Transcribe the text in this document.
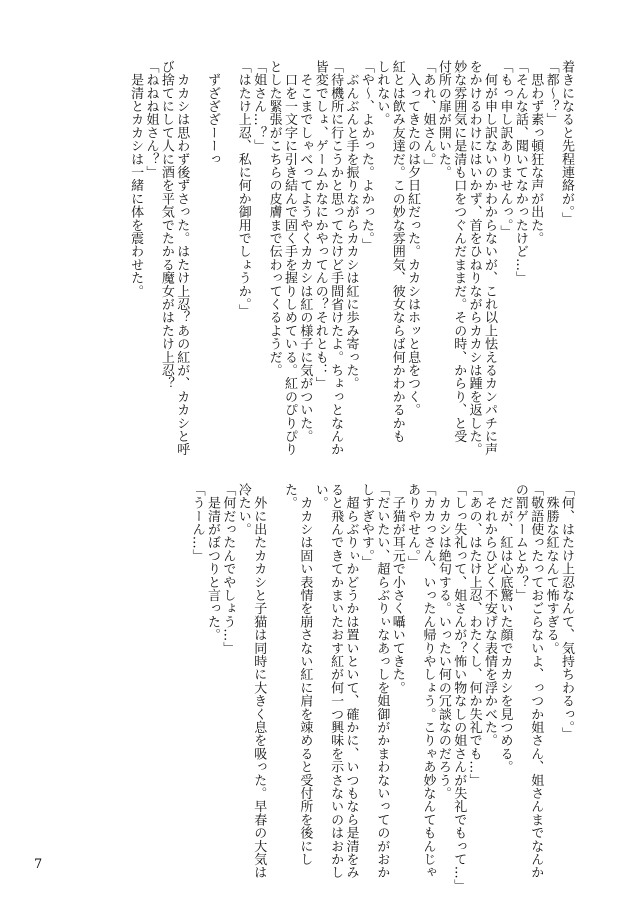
着きになると先程連絡が。」
「都～？」
　思わず素っ頓狂な声が出た。
「そんな話、聞いてなかったけど…」
「もっ申し訳ありませんっ。」
　何が申し訳ないのかわからないが、これ以上怯えるカンパチに声
をかけるわけにはいかず、首をひねりながらカカシは踵を返した。
妙な雰囲気に是清も口をつぐんだままだ。その時、からり、と受
付所の扉が開いた。
「あれ、姐さん。」
　入ってきたのは夕日紅だった。カカシはホッと息をつく。
紅とは飲み友達だ。この妙な雰囲気、彼女ならば何かわかるかも
しれない。
「や～、よかった。よかった。」
　ぶんぶんと手を振りながらカカシは紅に歩み寄った。
「待機所に行こうかと思ってたけど手間省けたよ。ちょっとなんか
皆変でしょ、ゲームかなにかやってんの？それとも：」
　そこまでしゃべってようやくカカシは紅の様子に気がついた。
　口を一文字に引き結んで固く手を握りしめている。紅のぴりぴり
とした緊張がこちらの皮膚まで伝わってくるようだ。
「姐さん…？」
「はたけ上忍、私に何か御用でしょうか。」
　ずざざざーーっ
　カカシは思わず後ずさった。はたけ上忍？あの紅が、カカシと呼
び捨てにして人に酒を平気でたかる魔女がはたけ上忍？
「ねねね姐さん？」
　是清とカカシは一緒に体を震わせた。
「何、はたけ上忍なんて、気持ちわるっ。」
　殊勝な紅なんて怖すぎる。
「敬語使ったっておごらないよ、っつか姐さん、姐さんまでなんか
の罰ゲームとか？」
　だが、紅は心底驚いた顔でカカシを見つめる。
　それからひどく不安げな表情を浮かべた。
「あの、はたけ上忍、わたくし、何か失礼でも…」
「しっ失礼って、姐さんが？怖い物なしの姐さんが失礼でもって…」
　カカシは絶句する。いったい何の冗談なのだろう。
「カカっさん、いったん帰りやしょう。こりゃあ妙なんてもんじゃ
ありやせん。」
　子猫が耳元で小さく囁いてきた。
「だいたい、超らぶりぃなあっしを姐御がかまわないってのがおか
しすぎやす。」
　超らぶりぃかどうかは置いといて、確かに、いつもなら是清をみ
ると飛んできてかまいたおす紅が何一つ興味を示さないのはおかし
い。
　カカシは固い表情を崩さない紅に肩を竦めると受付所を後にし
た。
　外に出たカカシと子猫は同時に大きく息を吸った。早春の大気は
冷たい。
「何だったんでやしょう…」
　是清がぼつりと言った。
「うーん…」
7
